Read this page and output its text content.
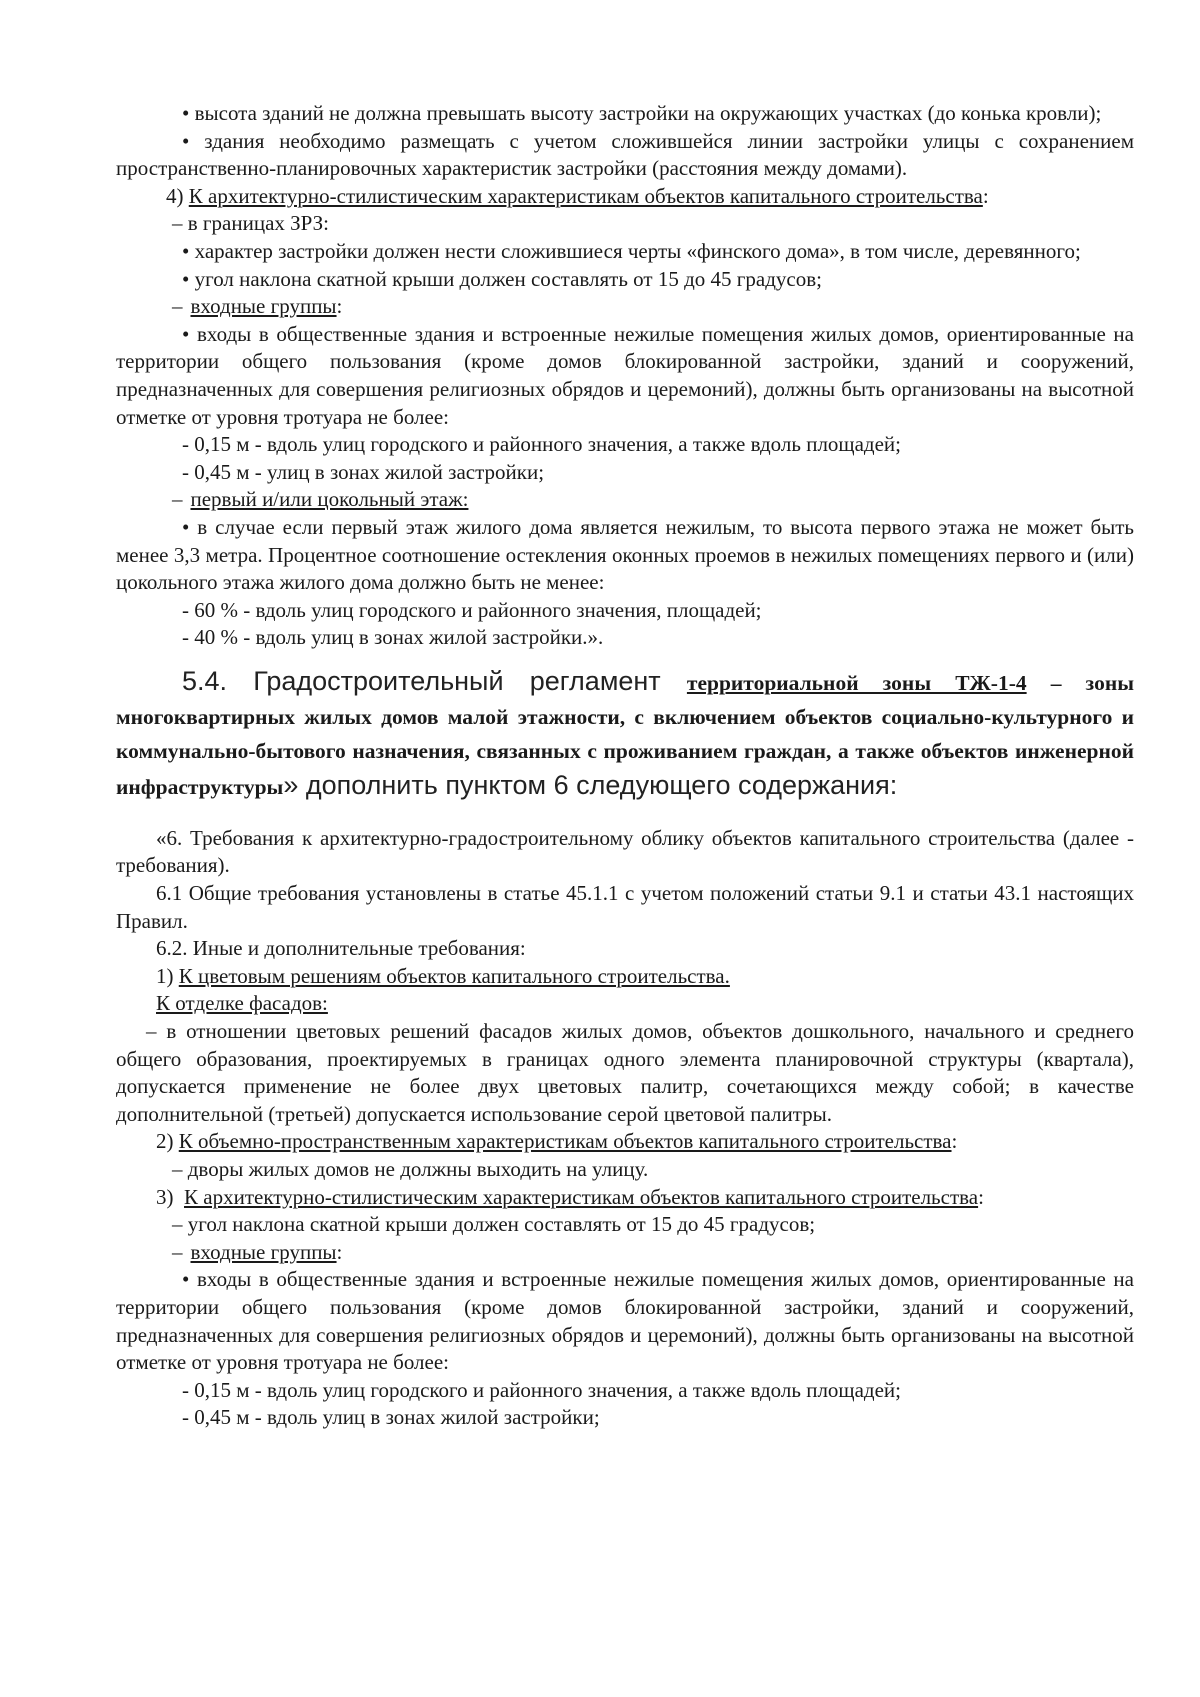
• высота зданий не должна превышать высоту застройки на окружающих участках (до конька кровли);

• здания необходимо размещать с учетом сложившейся линии застройки улицы с сохранением пространственно-планировочных характеристик застройки (расстояния между домами).

4) К архитектурно-стилистическим характеристикам объектов капитального строительства:

– в границах ЗРЗ:

• характер застройки должен нести сложившиеся черты «финского дома», в том числе, деревянного;

• угол наклона скатной крыши должен составлять от 15 до 45 градусов;

– входные группы:

• входы в общественные здания и встроенные нежилые помещения жилых домов, ориентированные на территории общего пользования (кроме домов блокированной застройки, зданий и сооружений, предназначенных для совершения религиозных обрядов и церемоний), должны быть организованы на высотной отметке от уровня тротуара не более:

- 0,15 м - вдоль улиц городского и районного значения, а также вдоль площадей;

- 0,45 м - улиц в зонах жилой застройки;

– первый и/или цокольный этаж:

• в случае если первый этаж жилого дома является нежилым, то высота первого этажа не может быть менее 3,3 метра. Процентное соотношение остекления оконных проемов в нежилых помещениях первого и (или) цокольного этажа жилого дома должно быть не менее:

- 60 % - вдоль улиц городского и районного значения, площадей;

- 40 % - вдоль улиц в зонах жилой застройки.».

5.4. Градостроительный регламент территориальной зоны ТЖ-1-4 – зоны многоквартирных жилых домов малой этажности, с включением объектов социально-культурного и коммунально-бытового назначения, связанных с проживанием граждан, а также объектов инженерной инфраструктуры» дополнить пунктом 6 следующего содержания:

«6. Требования к архитектурно-градостроительному облику объектов капитального строительства (далее - требования).

6.1 Общие требования установлены в статье 45.1.1 с учетом положений статьи 9.1 и статьи 43.1 настоящих Правил.

6.2. Иные и дополнительные требования:

1) К цветовым решениям объектов капитального строительства.

К отделке фасадов:

– в отношении цветовых решений фасадов жилых домов, объектов дошкольного, начального и среднего общего образования, проектируемых в границах одного элемента планировочной структуры (квартала), допускается применение не более двух цветовых палитр, сочетающихся между собой; в качестве дополнительной (третьей) допускается использование серой цветовой палитры.

2) К объемно-пространственным характеристикам объектов капитального строительства:

– дворы жилых домов не должны выходить на улицу.

3) К архитектурно-стилистическим характеристикам объектов капитального строительства:

– угол наклона скатной крыши должен составлять от 15 до 45 градусов;

– входные группы:

• входы в общественные здания и встроенные нежилые помещения жилых домов, ориентированные на территории общего пользования (кроме домов блокированной застройки, зданий и сооружений, предназначенных для совершения религиозных обрядов и церемоний), должны быть организованы на высотной отметке от уровня тротуара не более:

- 0,15 м - вдоль улиц городского и районного значения, а также вдоль площадей;

- 0,45 м - вдоль улиц в зонах жилой застройки;
